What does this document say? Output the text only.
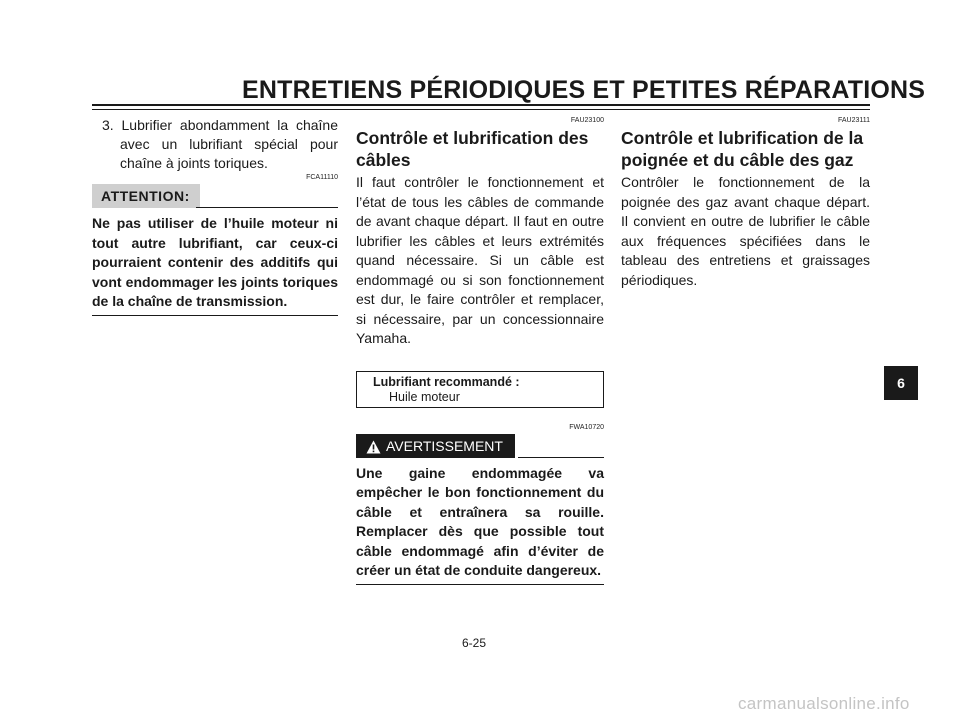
ENTRETIENS PÉRIODIQUES ET PETITES RÉPARATIONS

3. Lubrifier abondamment la chaîne avec un lubrifiant spécial pour chaîne à joints toriques.

FCA11110
ATTENTION:

Ne pas utiliser de l’huile moteur ni tout autre lubrifiant, car ceux-ci pourraient contenir des additifs qui vont endommager les joints toriques de la chaîne de transmission.

FAU23100
Contrôle et lubrification des câbles

Il faut contrôler le fonctionnement et l’état de tous les câbles de commande de avant chaque départ. Il faut en outre lubrifier les câbles et leurs extrémités quand nécessaire. Si un câble est endommagé ou si son fonctionnement est dur, le faire contrôler et remplacer, si nécessaire, par un concessionnaire Yamaha.

Lubrifiant recommandé :
Huile moteur
FWA10720
AVERTISSEMENT

Une gaine endommagée va empêcher le bon fonctionnement du câble et entraînera sa rouille. Remplacer dès que possible tout câble endommagé afin d’éviter de créer un état de conduite dangereux.

FAU23111
Contrôle et lubrification de la poignée et du câble des gaz

Contrôler le fonctionnement de la poignée des gaz avant chaque départ. Il convient en outre de lubrifier le câble aux fréquences spécifiées dans le tableau des entretiens et graissages périodiques.

6-25
6
carmanualsonline.info
